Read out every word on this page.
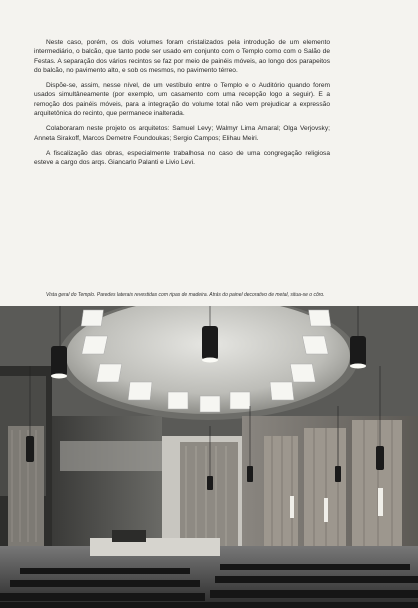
Neste caso, porém, os dois volumes foram cristalizados pela introdução de um elemento intermediário, o balcão, que tanto pode ser usado em conjunto com o Templo como com o Salão de Festas. A separação dos vários recintos se faz por meio de painéis móveis, ao longo dos parapeitos do balcão, no pavimento alto, e sob os mesmos, no pavimento térreo.

Dispõe-se, assim, nesse nível, de um vestíbulo entre o Templo e o Auditório quando forem usados simultâneamente (por exemplo, um casamento com uma recepção logo a seguir). E a remoção dos painéis móveis, para a integração do volume total não vem prejudicar a expressão arquitetônica do recinto, que permanece inalterada.

Colaboraram neste projeto os arquitetos: Samuel Levy; Walmyr Lima Amaral; Olga Verjovsky; Anneta Sirakoff, Marcos Demetre Foundoukas; Sergio Campos; Elihau Meiri.

A fiscalização das obras, especialmente trabalhosa no caso de uma congregação religiosa esteve a cargo dos arqs. Giancarlo Palanti e Livio Levi.

Vista geral do Templo. Paredes laterais revestidas com ripas de madeira. Atrás do painel decorativo de metal, situa-se o côro.
